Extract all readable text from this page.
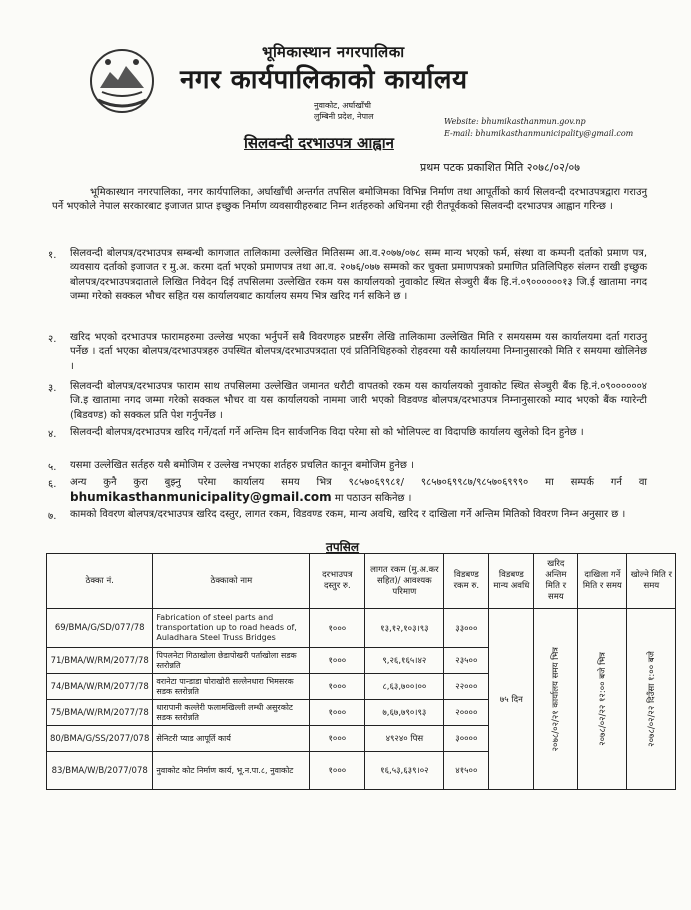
भूमिकास्थान नगरपालिका
नगर कार्यपालिकाको कार्यालय
नुवाकोट, अर्घाखाँची
लुम्बिनी प्रदेश, नेपाल
Website: bhumikasthanmun.gov.np
E-mail: bhumikasthanmunicipality@gmail.com
सिलवन्दी दरभाउपत्र आह्वान
प्रथम पटक प्रकाशित मिति २०७८/०२/०७
भूमिकास्थान नगरपालिका, नगर कार्यपालिका, अर्घाखाँची अन्तर्गत तपसिल बमोजिमका विभिन्न निर्माण तथा आपूर्तीको कार्य सिलवन्दी दरभाउपत्रद्वारा गराउनु पर्ने भएकोले नेपाल सरकारबाट इजाजत प्राप्त इच्छुक निर्माण व्यवसायीहरुबाट निम्न शर्तहरुको अधिनमा रही रीतपूर्वकको सिलवन्दी दरभाउपत्र आह्वान गरिन्छ ।
१. सिलवन्दी बोलपत्र/दरभाउपत्र सम्बन्धी कागजात तालिकामा उल्लेखित मितिसम्म आ.व.२०७७/०७८ सम्म मान्य भएको फर्म, संस्था वा कम्पनी दर्ताको प्रमाण पत्र, व्यवसाय दर्ताको इजाजत र मु.अ. करमा दर्ता भएको प्रमाणपत्र तथा आ.व. २०७६/०७७ सम्मको कर चुक्ता प्रमाणपत्रको प्रमाणित प्रतिलिपिहरु संलग्न राखी इच्छुक बोलपत्र/दरभाउपत्रदाताले लिखित निवेदन दिई तपसिलमा उल्लेखित रकम यस कार्यालयको नुवाकोट स्थित सेञ्चुरी बैंक हि.नं.०९००००००१३ जि.ई खातामा नगद जम्मा गरेको सक्कल भौचर सहित यस कार्यालयबाट कार्यालय समय भित्र खरिद गर्न सकिने छ ।
२. खरिद भएको दरभाउपत्र फारामहरुमा उल्लेख भएका भर्नुपर्ने सबै विवरणहरु प्रष्टसँग लेखि तालिकामा उल्लेखित मिति र समयसम्म यस कार्यालयमा दर्ता गराउनु पर्नेछ । दर्ता भएका बोलपत्र/दरभाउपत्रहरु उपस्थित बोलपत्र/दरभाउपत्रदाता एवं प्रतिनिधिहरुको रोहवरमा यसै कार्यालयमा निम्नानुसारको मिति र समयमा खोलिनेछ ।
३. सिलवन्दी बोलपत्र/दरभाउपत्र फाराम साथ तपसिलमा उल्लेखित जमानत धरौटी वापतको रकम यस कार्यालयको नुवाकोट स्थित सेञ्चुरी बैंक हि.नं.०९००००००४ जि.इ खातामा नगद जम्मा गरेको सक्कल भौचर वा यस कार्यालयको नाममा जारी भएको विडवण्ड बोलपत्र/दरभाउपत्र निम्नानुसारको म्याद भएको बैंक ग्यारेन्टी (बिडवण्ड) को सक्कल प्रति पेश गर्नुपर्नेछ ।
४. सिलवन्दी बोलपत्र/दरभाउपत्र खरिद गर्ने/दर्ता गर्ने अन्तिम दिन सार्वजनिक विदा परेमा सो को भोलिपल्ट वा विदापछि कार्यालय खुलेको दिन हुनेछ ।
५. यसमा उल्लेखित सर्तहरु यसै बमोजिम र उल्लेख नभएका शर्तहरु प्रचलित कानून बमोजिम हुनेछ ।
६. अन्य कुनै कुरा बुझ्नु परेमा कार्यालय समय भित्र ९८५७०६९९८१/ ९८५७०६९९८७/९८५७०६९९९० मा सम्पर्क गर्न वा bhumikasthanmunicipality@gmail.com मा पठाउन सकिनेछ ।
७. कामको विवरण बोलपत्र/दरभाउपत्र खरिद दस्तुर, लागत रकम, विडवण्ड रकम, मान्य अवधि, खरिद र दाखिला गर्ने अन्तिम मितिको विवरण निम्न अनुसार छ ।
तपसिल
ठेक्का नं.	ठेक्काको नाम	दरभाउपत्र दस्तुर रु.	लागत रकम (मु.अ.कर सहित)/ आवश्यक परिमाण	विडबण्ड रकम रु.	विडबण्ड मान्य अवधि	खरिद अन्तिम मिति र समय	दाखिला गर्ने मिति र समय	खोल्ने मिति र समय
69/BMA/G/SD/077/78	Fabrication of steel parts and transportation up to road heads of, Auladhara Steel Truss Bridges	१०००	१३,१२,१०३।९३	३३०००	७५ दिन	२०७८/०२/२१ कार्यालय समय भित्र	२०७८/०२/२२ १२:०० बजे भित्र	२०७८/०२/२२ दिउँसा १:०० बजे

71/BMA/W/RM/2077/78	पिपलनेटा गिठाखोला छेडापोखरी पर्ताखोला सडक स्तरोन्नति	१०००	९,२६,१६५।४२	२३५००				
74/BMA/W/RM/2077/78	वरानेटा पान्डाडा घोराखोरी सल्लेनधारा भिमसरक सडक स्तरोन्नति	१०००	८,६३,७००।००	२२०००				
75/BMA/W/RM/2077/78	धारापानी कल्लेरी फलामखिल्ली लम्धी असुरकोट सडक स्तरोन्नति	१०००	७,६७,७९०।९३	२००००				
80/BMA/G/SS/2077/078	सेनिटरी प्याड आपूर्ति कार्य	१०००	४९२४० पिस	३००००				
83/BMA/W/B/2077/078	नुवाकोट कोट निर्माण कार्य, भू.न.पा.८, नुवाकोट	१०००	१६,५३,६३९।०२	४१५००				
